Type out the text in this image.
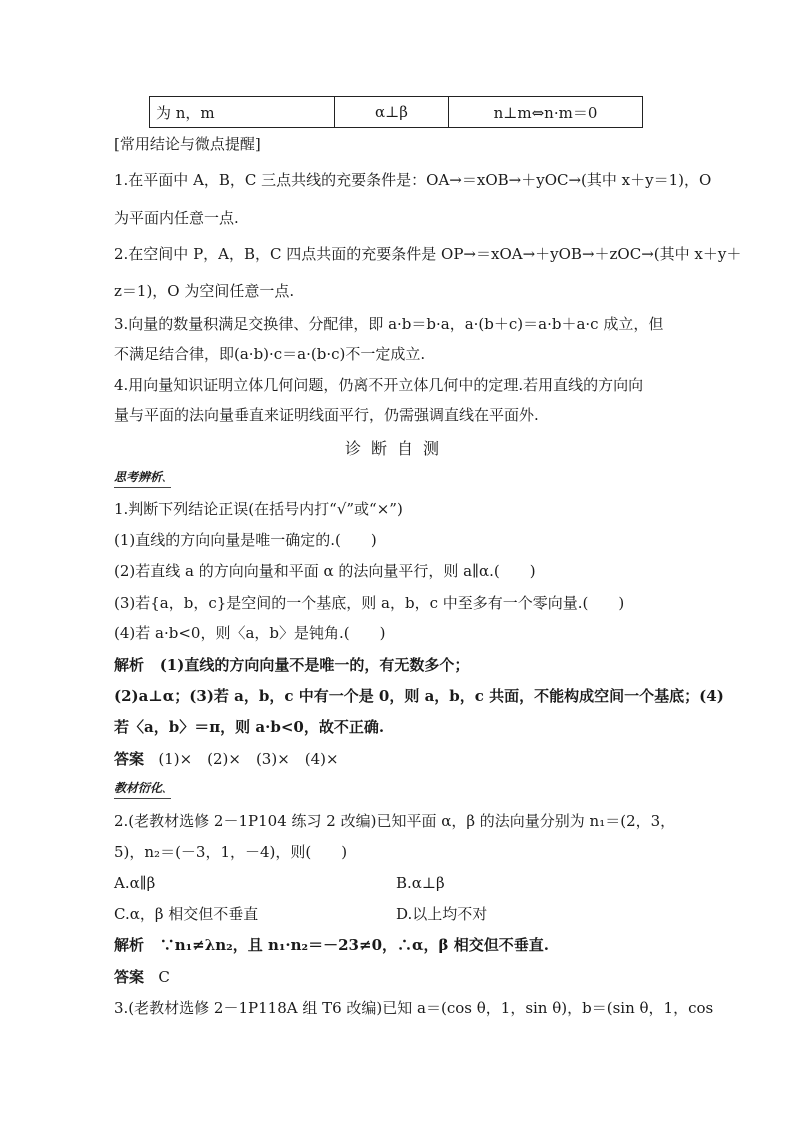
为 n，m	α⊥β	n⊥m⇔n·m＝0
[常用结论与微点提醒]
1.在平面中 A，B，C 三点共线的充要条件是：OA→＝xOB→＋yOC→(其中 x＋y＝1)，O
为平面内任意一点.
2.在空间中 P，A，B，C 四点共面的充要条件是 OP→＝xOA→＋yOB→＋zOC→(其中 x＋y＋
z＝1)，O 为空间任意一点.
3.向量的数量积满足交换律、分配律，即 a·b＝b·a，a·(b＋c)＝a·b＋a·c 成立，但
不满足结合律，即(a·b)·c＝a·(b·c)不一定成立.
4.用向量知识证明立体几何问题，仍离不开立体几何中的定理.若用直线的方向向
量与平面的法向量垂直来证明线面平行，仍需强调直线在平面外.
诊断自测
思考辨析 、
1.判断下列结论正误(在括号内打“√”或“×”)
(1)直线的方向向量是唯一确定的.(　　)
(2)若直线 a 的方向向量和平面 α 的法向量平行，则 a∥α.(　　)
(3)若{a，b，c}是空间的一个基底，则 a，b，c 中至多有一个零向量.(　　)
(4)若 a·b<0，则〈a，b〉是钝角.(　　)
解析 (1)直线的方向向量不是唯一的，有无数多个；
(2)a⊥α；(3)若 a，b，c 中有一个是 0，则 a，b，c 共面，不能构成空间一个基底；(4)
若〈a，b〉＝π，则 a·b<0，故不正确.
答案 (1)×　(2)×　(3)×　(4)×
教材衍化 、
2.(老教材选修 2－1P104 练习 2 改编)已知平面 α，β 的法向量分别为 n₁＝(2，3，
5)，n₂＝(－3，1，－4)，则(　　)
A.α∥β	B.α⊥β
C.α，β 相交但不垂直	D.以上均不对
解析 ∵n₁≠λn₂，且 n₁·n₂＝－23≠0，∴α，β 相交但不垂直.
答案 C
3.(老教材选修 2－1P118A 组 T6 改编)已知 a＝(cos θ，1，sin θ)，b＝(sin θ，1，cos
